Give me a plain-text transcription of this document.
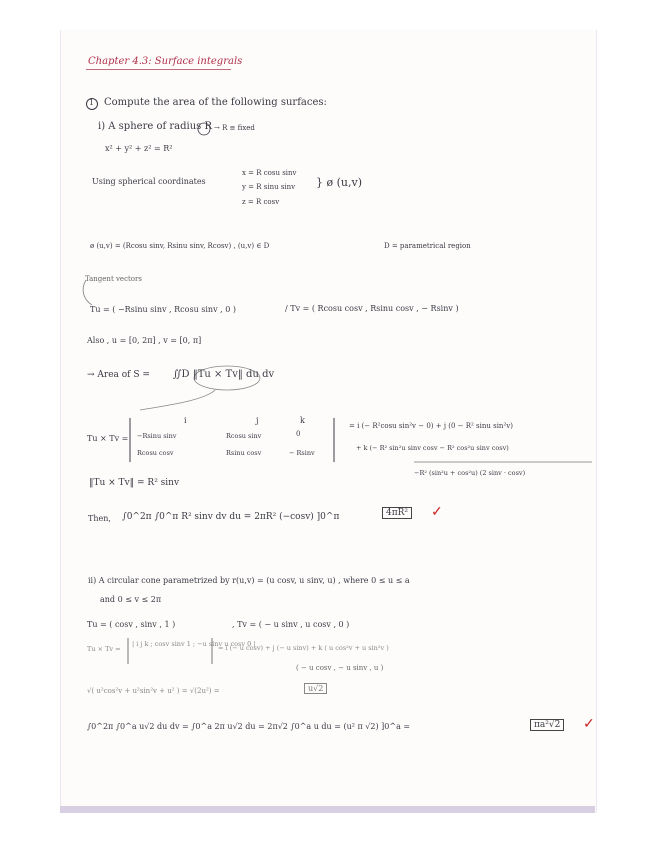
Chapter 4.3: Surface integrals
1 Compute the area of the following surfaces:
i) A sphere of radius R → R ≡ fixed
x² + y² + z² = R²
Using spherical coordinates
x = R cosu sinv
y = R sinu sinv
z = R cosv
} ø (u,v)
ø (u,v) = (Rcosu sinv, Rsinu sinv, Rcosv) , (u,v) ∈ D	D = parametrical region
Tangent vectors
Tu = ( −Rsinu sinv , Rcosu sinv , 0 )	/ Tv = ( Rcosu cosv , Rsinu cosv , − Rsinv )
Also , u = [0, 2π] , v = [0, π]
→ Area of S = ∬D ‖Tu × Tv‖ du dv
Tu × Tv =
i	j	k
−Rsinu sinv	Rcosu sinv	0
Rcosu cosv	Rsinu cosv	− Rsinv
= i (− R²cosu sin²v − 0) + j (0 − R² sinu sin²v)
+ k (− R² sin²u sinv cosv − R² cos²u sinv cosv)
−R² (sin²u + cos²u) (2 sinv · cosv)
‖Tu × Tv‖ = R² sinv
Then, ∫0^2π ∫0^π R² sinv dv du = 2πR² (−cosv) ]0^π	4πR² ✓
ii) A circular cone parametrized by r(u,v) = (u cosv, u sinv, u) , where 0 ≤ u ≤ a
and 0 ≤ v ≤ 2π
Tu = ( cosv , sinv , 1 )	, Tv = ( − u sinv , u cosv , 0 )
Tu × Tv =
| i j k ; cosv sinv 1 ; −u sinv u cosv 0 |
= i (− u cosv) + j (− u sinv) + k ( u cos²v + u sin²v )
( − u cosv , − u sinv , u )
√( u²cos²v + u²sin²v + u² ) = √(2u²) =	u√2
∫0^2π ∫0^a u√2 du dv = ∫0^a 2π u√2 du = 2π√2 ∫0^a u du = (u² π √2) ]0^a =	πa²√2 ✓
